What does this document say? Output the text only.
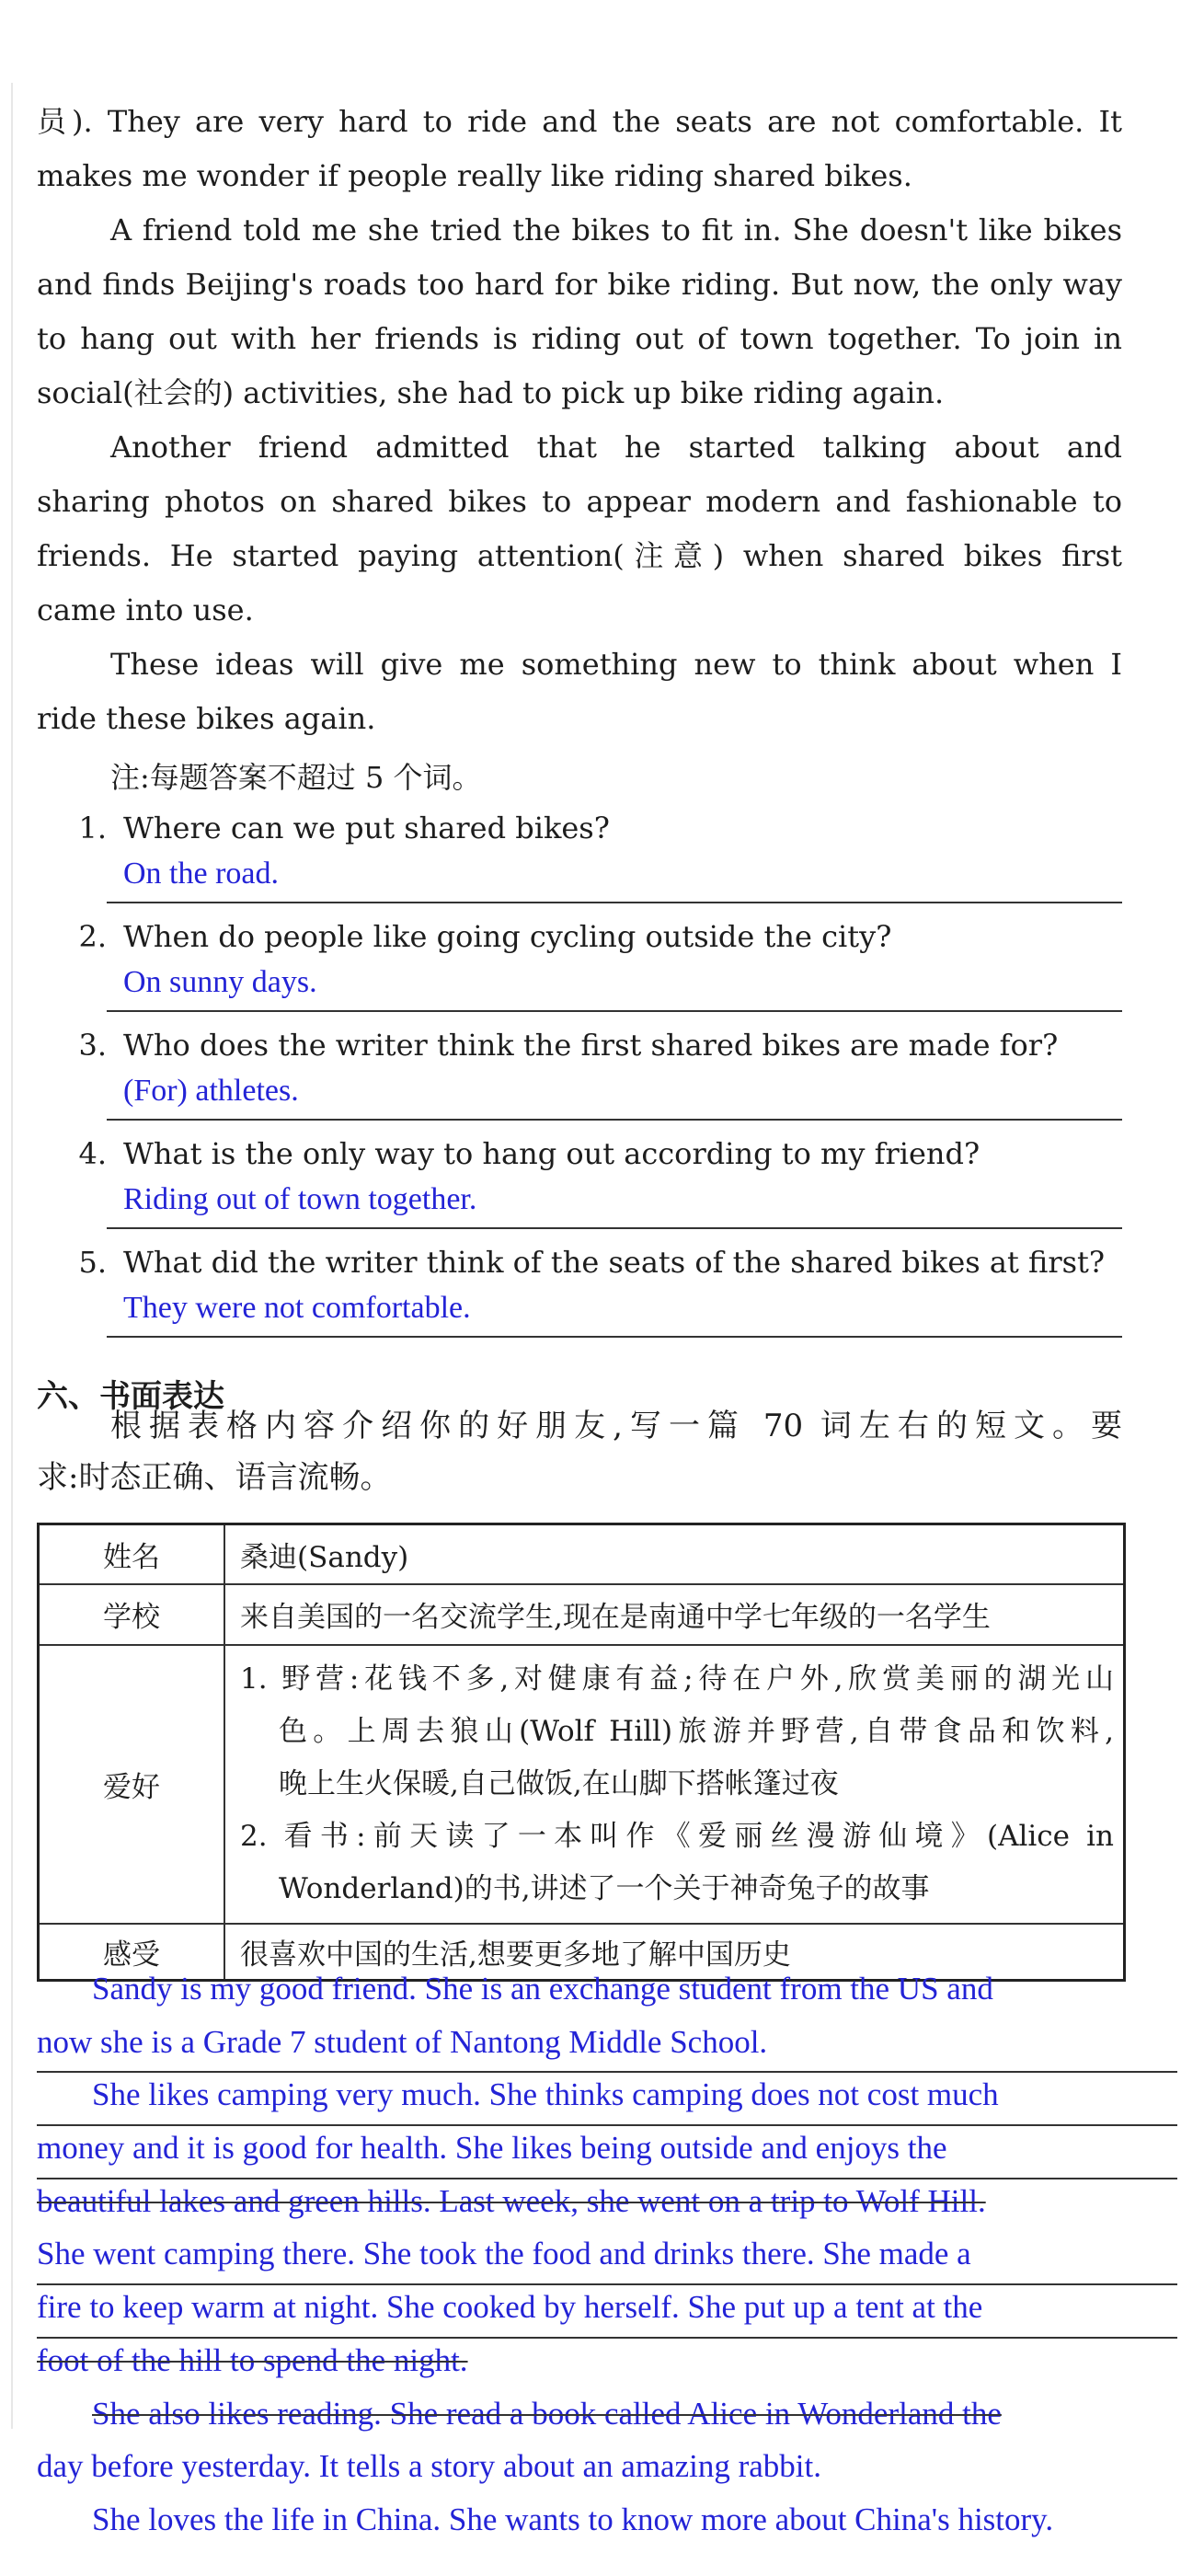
员). They are very hard to ride and the seats are not comfortable. It
makes me wonder if people really like riding shared bikes.
A friend told me she tried the bikes to fit in. She doesn't like bikes
and finds Beijing's roads too hard for bike riding. But now, the only way
to hang out with her friends is riding out of town together. To join in
social(社会的) activities, she had to pick up bike riding again.
Another friend admitted that he started talking about and
sharing photos on shared bikes to appear modern and fashionable to
friends. He started paying attention(注意) when shared bikes first
came into use.
These ideas will give me something new to think about when I
ride these bikes again.
注:每题答案不超过 5 个词。
1. Where can we put shared bikes?
On the road.
2. When do people like going cycling outside the city?
On sunny days.
3. Who does the writer think the first shared bikes are made for?
(For) athletes.
4. What is the only way to hang out according to my friend?
Riding out of town together.
5. What did the writer think of the seats of the shared bikes at first?
They were not comfortable.
六、书面表达
根据表格内容介绍你的好朋友,写一篇 70 词左右的短文。要
求:时态正确、语言流畅。
姓名	桑迪(Sandy)
学校	来自美国的一名交流学生,现在是南通中学七年级的一名学生
爱好	1. 野营:花钱不多,对健康有益;待在户外,欣赏美丽的湖光山
色。上周去狼山(Wolf Hill)旅游并野营,自带食品和饮料,
晚上生火保暖,自己做饭,在山脚下搭帐篷过夜
2. 看书:前天读了一本叫作《爱丽丝漫游仙境》(Alice in
Wonderland)的书,讲述了一个关于神奇兔子的故事

感受	很喜欢中国的生活,想要更多地了解中国历史
Sandy is my good friend. She is an exchange student from the US and
now she is a Grade 7 student of Nantong Middle School.
She likes camping very much. She thinks camping does not cost much
money and it is good for health. She likes being outside and enjoys the
beautiful lakes and green hills. Last week, she went on a trip to Wolf Hill.
She went camping there. She took the food and drinks there. She made a
fire to keep warm at night. She cooked by herself. She put up a tent at the
foot of the hill to spend the night.
She also likes reading. She read a book called Alice in Wonderland the
day before yesterday. It tells a story about an amazing rabbit.
She loves the life in China. She wants to know more about China's history.
